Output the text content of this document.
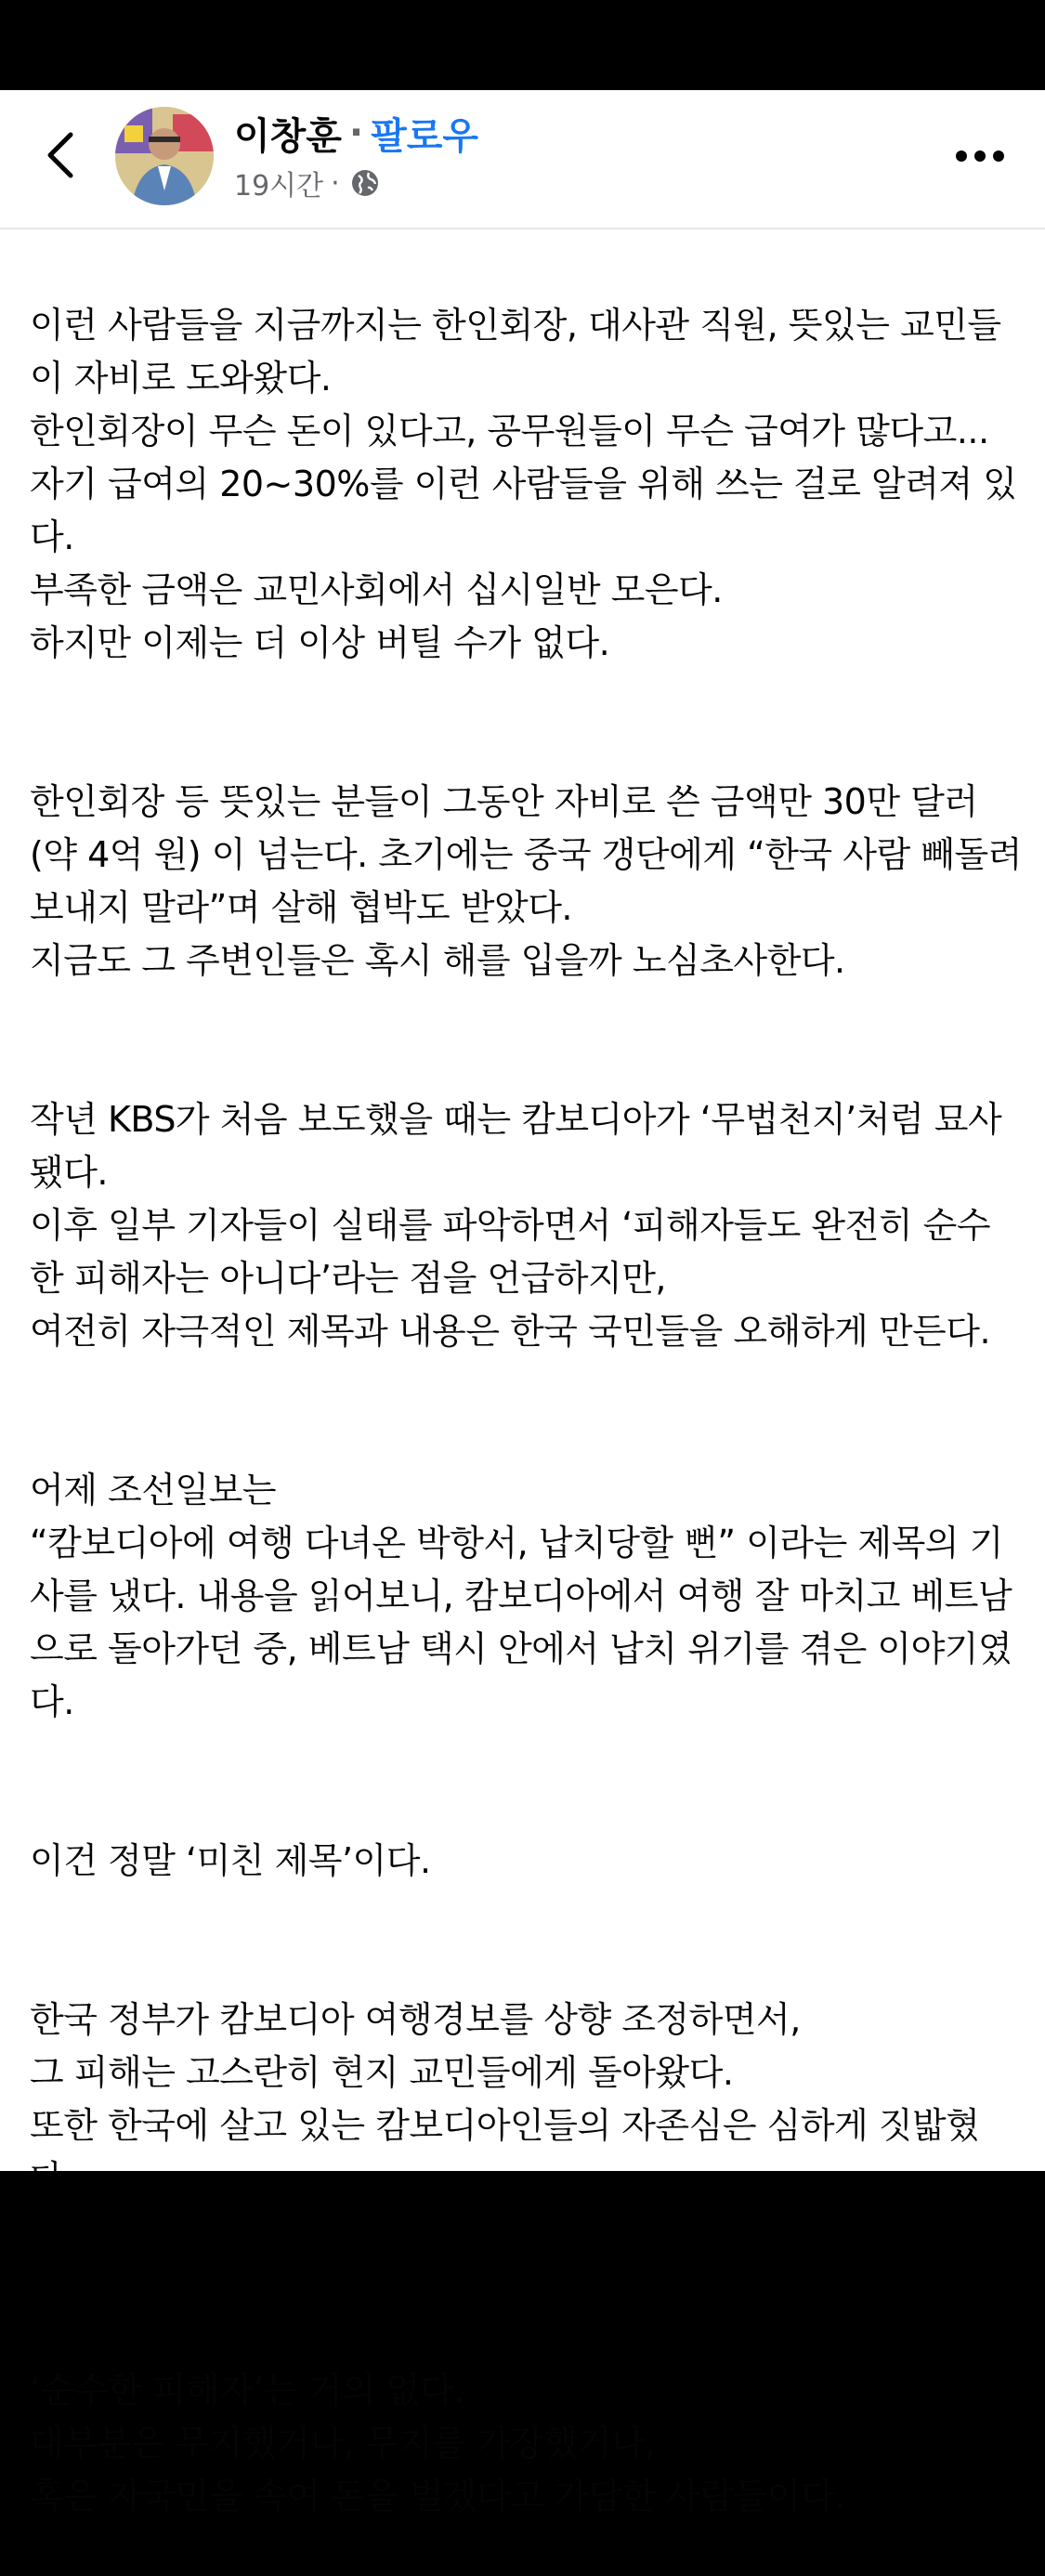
이창훈 · 팔로우
19시간 ·

이런 사람들을 지금까지는 한인회장, 대사관 직원, 뜻있는 교민들이 자비로 도와왔다.
한인회장이 무슨 돈이 있다고, 공무원들이 무슨 급여가 많다고...
자기 급여의 20~30%를 이런 사람들을 위해 쓰는 걸로 알려져 있다.
부족한 금액은 교민사회에서 십시일반 모은다.
하지만 이제는 더 이상 버틸 수가 없다.

한인회장 등 뜻있는 분들이 그동안 자비로 쓴 금액만 30만 달러(약 4억 원) 이 넘는다. 초기에는 중국 갱단에게 “한국 사람 빼돌려 보내지 말라”며 살해 협박도 받았다.
지금도 그 주변인들은 혹시 해를 입을까 노심초사한다.

작년 KBS가 처음 보도했을 때는 캄보디아가 ‘무법천지’처럼 묘사됐다.
이후 일부 기자들이 실태를 파악하면서 ‘피해자들도 완전히 순수한 피해자는 아니다’라는 점을 언급하지만,
여전히 자극적인 제목과 내용은 한국 국민들을 오해하게 만든다.

어제 조선일보는
“캄보디아에 여행 다녀온 박항서, 납치당할 뻔” 이라는 제목의 기사를 냈다. 내용을 읽어보니, 캄보디아에서 여행 잘 마치고 베트남으로 돌아가던 중, 베트남 택시 안에서 납치 위기를 겪은 이야기였다.

이건 정말 ‘미친 제목’이다.

한국 정부가 캄보디아 여행경보를 상향 조정하면서,
그 피해는 고스란히 현지 교민들에게 돌아왔다.
또한 한국에 살고 있는 캄보디아인들의 자존심은 심하게 짓밟혔

‘순수한 피해자’는 거의 없다.
대부분은 무지했거나, 무지를 가장했거나,
혹은 자국민을 속여 돈을 벌겠다고 가담한 사람들이다.
